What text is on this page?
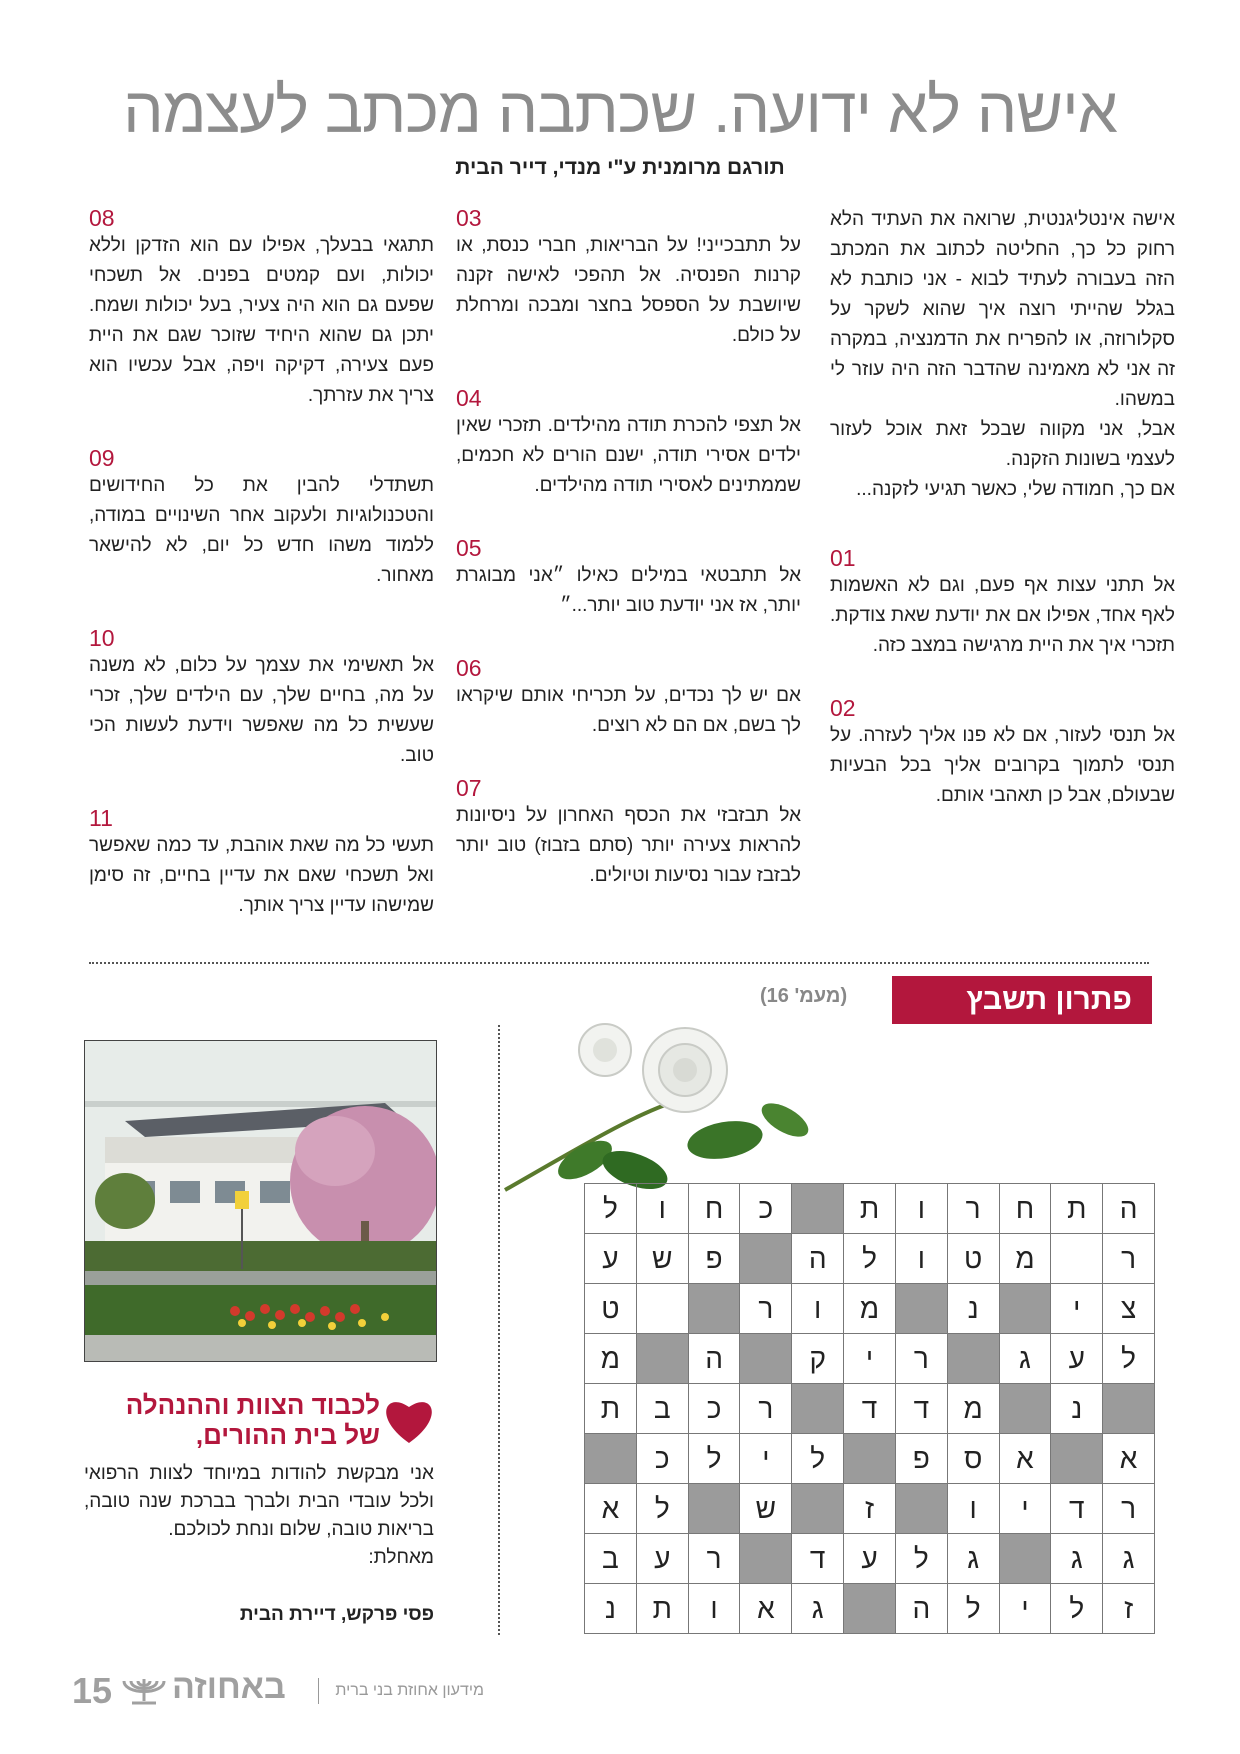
אישה לא ידועה. שכתבה מכתב לעצמה
תורגם מרומנית ע"י מנדי, דייר הבית

אישה אינטליגנטית, שרואה את העתיד הלא רחוק כל כך, החליטה לכתוב את המכתב הזה בעבורה לעתיד לבוא - אני כותבת לא בגלל שהייתי רוצה איך שהוא לשקר על סקלורוזה, או להפריח את הדמנציה, במקרה זה אני לא מאמינה שהדבר הזה היה עוזר לי במשהו.

אבל, אני מקווה שבכל זאת אוכל לעזור לעצמי בשונות הזקנה.

אם כך, חמודה שלי, כאשר תגיעי לזקנה...

01

אל תתני עצות אף פעם, וגם לא האשמות לאף אחד, אפילו אם את יודעת שאת צודקת. תזכרי איך את היית מרגישה במצב כזה.

02

אל תנסי לעזור, אם לא פנו אליך לעזרה. על תנסי לתמוך בקרובים אליך בכל הבעיות שבעולם, אבל כן תאהבי אותם.

03

על תתבכייני! על הבריאות, חברי כנסת, או קרנות הפנסיה. אל תהפכי לאישה זקנה שיושבת על הספסל בחצר ומבכה ומרחלת על כולם.

04

אל תצפי להכרת תודה מהילדים. תזכרי שאין ילדים אסירי תודה, ישנם הורים לא חכמים, שממתינים לאסירי תודה מהילדים.

05

אל תתבטאי במילים כאילו ״אני מבוגרת יותר, אז אני יודעת טוב יותר...״

06

אם יש לך נכדים, על תכריחי אותם שיקראו לך בשם, אם הם לא רוצים.

07

אל תבזבזי את הכסף האחרון על ניסיונות להראות צעירה יותר (סתם בזבוז) טוב יותר לבזבז עבור נסיעות וטיולים.

08

תתגאי בבעלך, אפילו עם הוא הזדקן וללא יכולות, ועם קמטים בפנים. אל תשכחי שפעם גם הוא היה צעיר, בעל יכולות ושמח. יתכן גם שהוא היחיד שזוכר שגם את היית פעם צעירה, דקיקה ויפה, אבל עכשיו הוא צריך את עזרתך.

09

תשתדלי להבין את כל החידושים והטכנולוגיות ולעקוב אחר השינויים במודה, ללמוד משהו חדש כל יום, לא להישאר מאחור.

10

אל תאשימי את עצמך על כלום, לא משנה על מה, בחיים שלך, עם הילדים שלך, זכרי שעשית כל מה שאפשר וידעת לעשות הכי טוב.

11

תעשי כל מה שאת אוהבת, עד כמה שאפשר ואל תשכחי שאם את עדיין בחיים, זה סימן שמישהו עדיין צריך אותך.

פתרון תשבץ
(מעמ' 16)
ה
ת
ח
ר
ו
ת
כ
ח
ו
ל
ר
מ
ט
ו
ל
ה
פ
ש
ע
צ
י
נ
מ
ו
ר
ט
ל
ע
ג
ר
י
ק
ה
מ
נ
מ
ד
ד
ר
כ
ב
ת
א
א
ס
פ
ל
י
ל
כ
ר
ד
י
ו
ז
ש
ל
א
ג
ג
ג
ל
ע
ד
ר
ע
ב
ז
ל
י
ל
ה
ג
א
ו
ת
נ
לכבוד הצוות וההנהלה
של בית ההורים,
אני מבקשת להודות במיוחד לצוות הרפואי ולכל עובדי הבית ולברך בברכת שנה טובה, בריאות טובה, שלום ונחת לכולכם.
מאחלת:
פסי פרקש, דיירת הבית
15 באחוזה	מידעון אחוזת בני ברית
